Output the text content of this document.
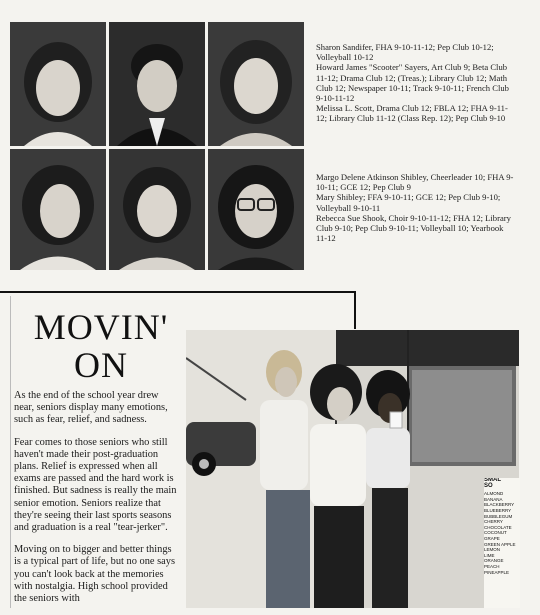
Sharon Sandifer, FHA 9-10-11-12; Pep Club 10-12; Volleyball 10-12

Howard James "Scooter" Sayers, Art Club 9; Beta Club 11-12; Drama Club 12; (Treas.); Library Club 12; Math Club 12; Newspaper 10-11; Track 9-10-11; French Club 9-10-11-12

Melissa L. Scott, Drama Club 12; FBLA 12; FHA 9-11-12; Library Club 11-12 (Class Rep. 12); Pep Club 9-10

Margo Delene Atkinson Shibley, Cheerleader 10; FHA 9-10-11; GCE 12; Pep Club 9

Mary Shibley; FFA 9-10-11; GCE 12; Pep Club 9-10; Volleyball 9-10-11

Rebecca Sue Shook, Choir 9-10-11-12; FHA 12; Library Club 9-10; Pep Club 9-10-11; Volleyball 10; Yearbook 11-12

MOVIN'
ON

As the end of the school year drew near, seniors display many emotions, such as fear, relief, and sadness.

Fear comes to those seniors who still haven't made their post-graduation plans. Relief is expressed when all exams are passed and the hard work is finished. But sadness is really the main senior emotion. Seniors realize that they're seeing their last sports seasons and graduation is a real "tear-jerker".

Moving on to bigger and better things is a typical part of life, but no one says you can't look back at the memories with nostalgia. High school provided the seniors with

SMAL
SO
ALMOND
BANANA
BLACKBERRY
BLUEBERRY
BUBBLEGUM
CHERRY
CHOCOLATE
COCONUT
GRAPE
GREEN APPLE
LEMON
LIME
ORANGE
PEACH
PINEAPPLE
